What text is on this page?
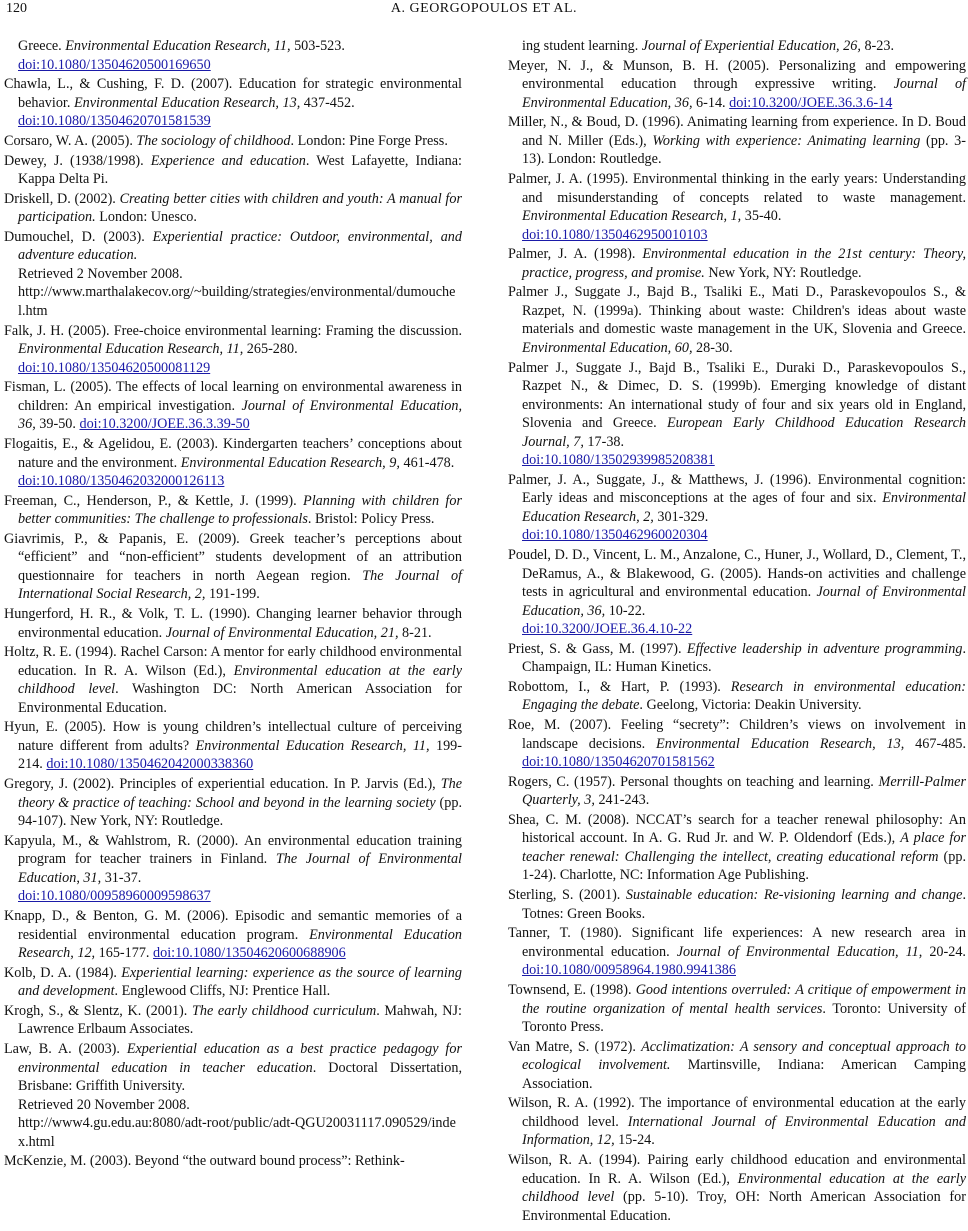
120	A. GEORGOPOULOS ET AL.
Greece. Environmental Education Research, 11, 503-523.
doi:10.1080/13504620500169650
Chawla, L., & Cushing, F. D. (2007). Education for strategic environmental behavior. Environmental Education Research, 13, 437-452.
doi:10.1080/13504620701581539
Corsaro, W. A. (2005). The sociology of childhood. London: Pine Forge Press.
Dewey, J. (1938/1998). Experience and education. West Lafayette, Indiana: Kappa Delta Pi.
Driskell, D. (2002). Creating better cities with children and youth: A manual for participation. London: Unesco.
Dumouchel, D. (2003). Experiential practice: Outdoor, environmental, and adventure education.
Retrieved 2 November 2008.
http://www.marthalakecov.org/~building/strategies/environmental/dumouchel.htm
Falk, J. H. (2005). Free-choice environmental learning: Framing the discussion. Environmental Education Research, 11, 265-280.
doi:10.1080/13504620500081129
Fisman, L. (2005). The effects of local learning on environmental awareness in children: An empirical investigation. Journal of Environmental Education, 36, 39-50. doi:10.3200/JOEE.36.3.39-50
Flogaitis, E., & Agelidou, E. (2003). Kindergarten teachers’ conceptions about nature and the environment. Environmental Education Research, 9, 461-478.
doi:10.1080/1350462032000126113
Freeman, C., Henderson, P., & Kettle, J. (1999). Planning with children for better communities: The challenge to professionals. Bristol: Policy Press.
Giavrimis, P., & Papanis, E. (2009). Greek teacher’s perceptions about “efficient” and “non-efficient” students development of an attribution questionnaire for teachers in north Aegean region. The Journal of International Social Research, 2, 191-199.
Hungerford, H. R., & Volk, T. L. (1990). Changing learner behavior through environmental education. Journal of Environmental Education, 21, 8-21.
Holtz, R. E. (1994). Rachel Carson: A mentor for early childhood environmental education. In R. A. Wilson (Ed.), Environmental education at the early childhood level. Washington DC: North American Association for Environmental Education.
Hyun, E. (2005). How is young children’s intellectual culture of perceiving nature different from adults? Environmental Education Research, 11, 199-214. doi:10.1080/1350462042000338360
Gregory, J. (2002). Principles of experiential education. In P. Jarvis (Ed.), The theory & practice of teaching: School and beyond in the learning society (pp. 94-107). New York, NY: Routledge.
Kapyula, M., & Wahlstrom, R. (2000). An environmental education training program for teacher trainers in Finland. The Journal of Environmental Education, 31, 31-37.
doi:10.1080/00958960009598637
Knapp, D., & Benton, G. M. (2006). Episodic and semantic memories of a residential environmental education program. Environmental Education Research, 12, 165-177. doi:10.1080/13504620600688906
Kolb, D. A. (1984). Experiential learning: experience as the source of learning and development. Englewood Cliffs, NJ: Prentice Hall.
Krogh, S., & Slentz, K. (2001). The early childhood curriculum. Mahwah, NJ: Lawrence Erlbaum Associates.
Law, B. A. (2003). Experiential education as a best practice pedagogy for environmental education in teacher education. Doctoral Dissertation, Brisbane: Griffith University.
Retrieved 20 November 2008.
http://www4.gu.edu.au:8080/adt-root/public/adt-QGU20031117.090529/index.html
McKenzie, M. (2003). Beyond “the outward bound process”: Rethink-
ing student learning. Journal of Experiential Education, 26, 8-23.
Meyer, N. J., & Munson, B. H. (2005). Personalizing and empowering environmental education through expressive writing. Journal of Environmental Education, 36, 6-14. doi:10.3200/JOEE.36.3.6-14
Miller, N., & Boud, D. (1996). Animating learning from experience. In D. Boud and N. Miller (Eds.), Working with experience: Animating learning (pp. 3-13). London: Routledge.
Palmer, J. A. (1995). Environmental thinking in the early years: Understanding and misunderstanding of concepts related to waste management. Environmental Education Research, 1, 35-40.
doi:10.1080/1350462950010103
Palmer, J. A. (1998). Environmental education in the 21st century: Theory, practice, progress, and promise. New York, NY: Routledge.
Palmer J., Suggate J., Bajd B., Tsaliki E., Mati D., Paraskevopoulos S., & Razpet, N. (1999a). Thinking about waste: Children's ideas about waste materials and domestic waste management in the UK, Slovenia and Greece. Environmental Education, 60, 28-30.
Palmer J., Suggate J., Bajd B., Tsaliki E., Duraki D., Paraskevopoulos S., Razpet N., & Dimec, D. S. (1999b). Emerging knowledge of distant environments: An international study of four and six years old in England, Slovenia and Greece. European Early Childhood Education Research Journal, 7, 17-38.
doi:10.1080/13502939985208381
Palmer, J. A., Suggate, J., & Matthews, J. (1996). Environmental cognition: Early ideas and misconceptions at the ages of four and six. Environmental Education Research, 2, 301-329.
doi:10.1080/1350462960020304
Poudel, D. D., Vincent, L. M., Anzalone, C., Huner, J., Wollard, D., Clement, T., DeRamus, A., & Blakewood, G. (2005). Hands-on activities and challenge tests in agricultural and environmental education. Journal of Environmental Education, 36, 10-22.
doi:10.3200/JOEE.36.4.10-22
Priest, S. & Gass, M. (1997). Effective leadership in adventure programming. Champaign, IL: Human Kinetics.
Robottom, I., & Hart, P. (1993). Research in environmental education: Engaging the debate. Geelong, Victoria: Deakin University.
Roe, M. (2007). Feeling “secrety”: Children’s views on involvement in landscape decisions. Environmental Education Research, 13, 467-485. doi:10.1080/13504620701581562
Rogers, C. (1957). Personal thoughts on teaching and learning. Merrill-Palmer Quarterly, 3, 241-243.
Shea, C. M. (2008). NCCAT’s search for a teacher renewal philosophy: An historical account. In A. G. Rud Jr. and W. P. Oldendorf (Eds.), A place for teacher renewal: Challenging the intellect, creating educational reform (pp. 1-24). Charlotte, NC: Information Age Publishing.
Sterling, S. (2001). Sustainable education: Re-visioning learning and change. Totnes: Green Books.
Tanner, T. (1980). Significant life experiences: A new research area in environmental education. Journal of Environmental Education, 11, 20-24. doi:10.1080/00958964.1980.9941386
Townsend, E. (1998). Good intentions overruled: A critique of empowerment in the routine organization of mental health services. Toronto: University of Toronto Press.
Van Matre, S. (1972). Acclimatization: A sensory and conceptual approach to ecological involvement. Martinsville, Indiana: American Camping Association.
Wilson, R. A. (1992). The importance of environmental education at the early childhood level. International Journal of Environmental Education and Information, 12, 15-24.
Wilson, R. A. (1994). Pairing early childhood education and environmental education. In R. A. Wilson (Ed.), Environmental education at the early childhood level (pp. 5-10). Troy, OH: North American Association for Environmental Education.
